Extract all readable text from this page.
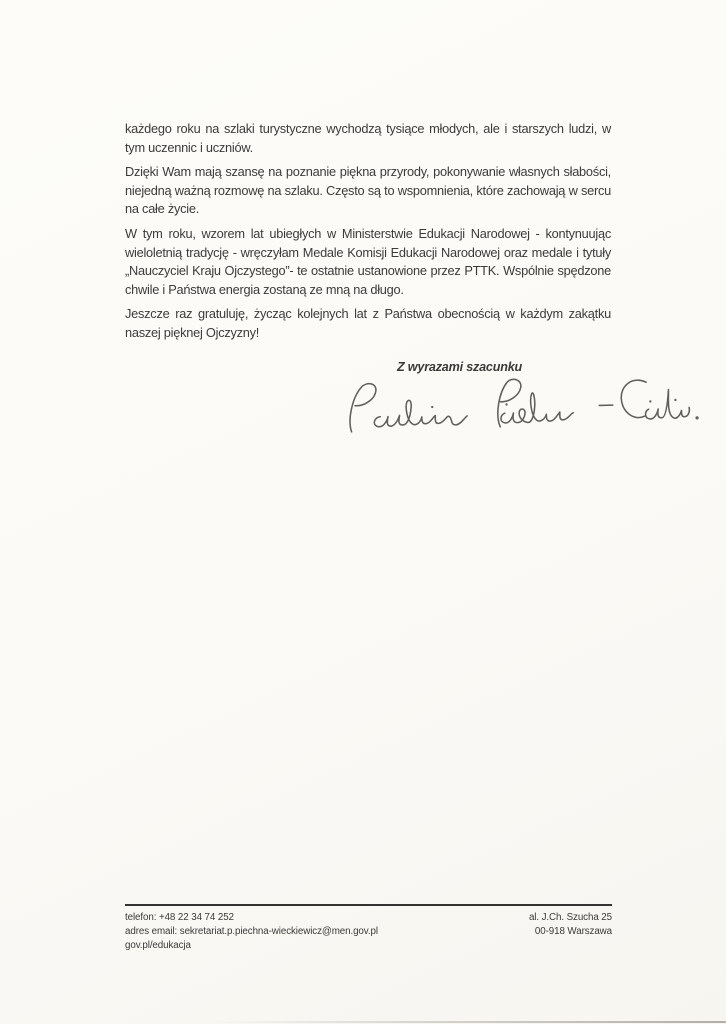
każdego roku na szlaki turystyczne wychodzą tysiące młodych, ale i starszych ludzi, w tym uczennic i uczniów.

Dzięki Wam mają szansę na poznanie piękna przyrody, pokonywanie własnych słabości, niejedną ważną rozmowę na szlaku. Często są to wspomnienia, które zachowają w sercu na całe życie.

W tym roku, wzorem lat ubiegłych w Ministerstwie Edukacji Narodowej - kontynuując wieloletnią tradycję - wręczyłam Medale Komisji Edukacji Narodowej oraz medale i tytuły „Nauczyciel Kraju Ojczystego”- te ostatnie ustanowione przez PTTK. Wspólnie spędzone chwile i Państwa energia zostaną ze mną na długo.

Jeszcze raz gratuluję, życząc kolejnych lat z Państwa obecnością w każdym zakątku naszej pięknej Ojczyzny!

Z wyrazami szacunku
telefon: +48 22 34 74 252
adres email: sekretariat.p.piechna-wieckiewicz@men.gov.pl
gov.pl/edukacja
al. J.Ch. Szucha 25
00-918 Warszawa
